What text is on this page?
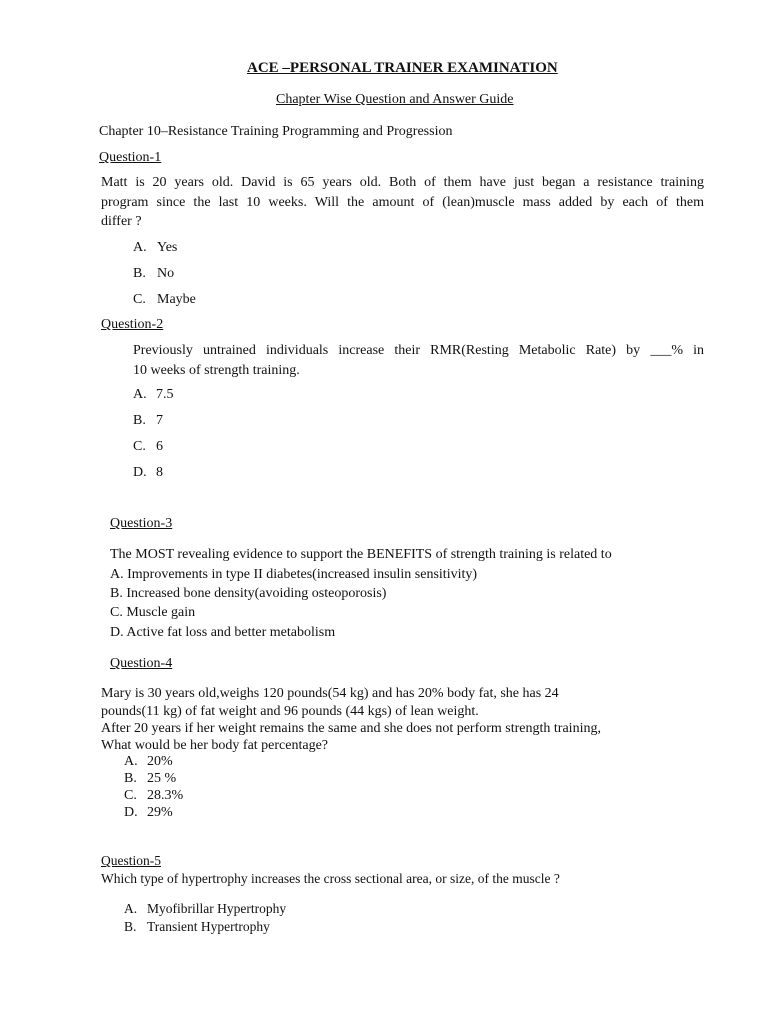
ACE –PERSONAL TRAINER EXAMINATION
Chapter Wise Question and Answer Guide
Chapter 10–Resistance Training Programming and Progression
Question-1
Matt is 20 years old. David is 65 years old. Both of them have just began a resistance training
program since the last 10 weeks. Will the amount of (lean)muscle mass added by each of them
differ ?
A. Yes
B. No
C. Maybe
Question-2
Previously untrained individuals increase their RMR(Resting Metabolic Rate) by ___% in
10 weeks of strength training.
A. 7.5
B. 7
C. 6
D. 8
Question-3
The MOST revealing evidence to support the BENEFITS of strength training is related to
A. Improvements in type II diabetes(increased insulin sensitivity)
B. Increased bone density(avoiding osteoporosis)
C. Muscle gain
D. Active fat loss and better metabolism
Question-4
Mary is 30 years old,weighs 120 pounds(54 kg) and has 20% body fat, she has 24
pounds(11 kg) of fat weight and 96 pounds (44 kgs) of lean weight.
After 20 years if her weight remains the same and she does not perform strength training,
What would be her body fat percentage?
A. 20%
B. 25 %
C. 28.3%
D. 29%
Question-5
Which type of hypertrophy increases the cross sectional area, or size, of the muscle ?
A. Myofibrillar Hypertrophy
B. Transient Hypertrophy
